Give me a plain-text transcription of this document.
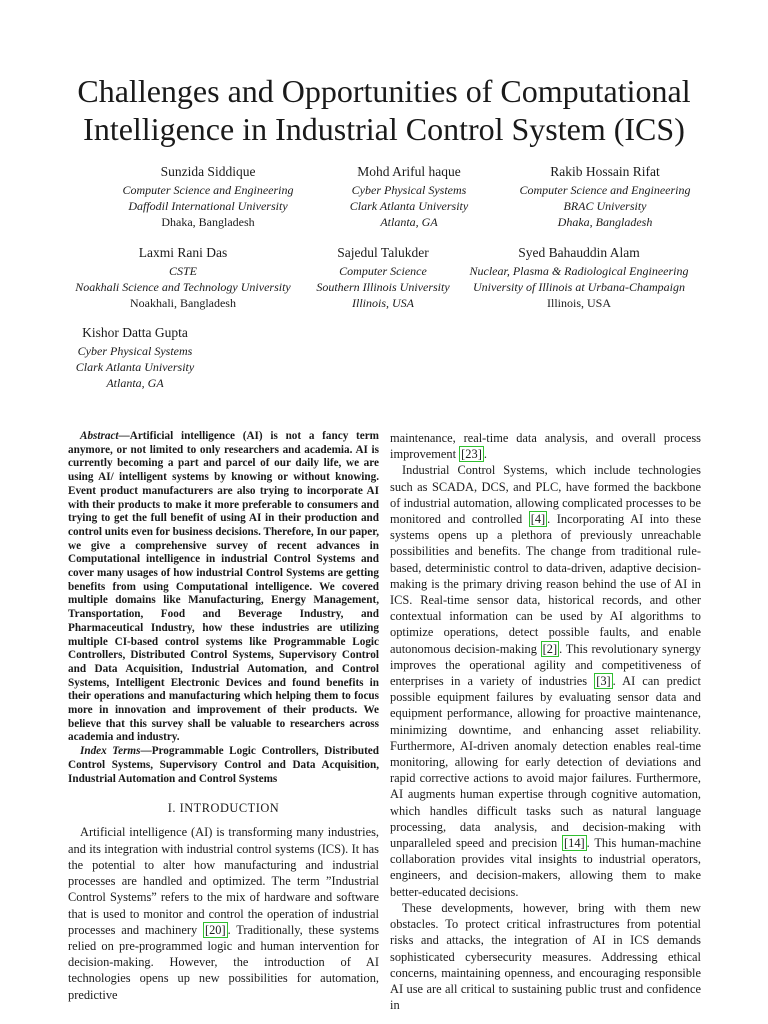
Challenges and Opportunities of Computational Intelligence in Industrial Control System (ICS)
Sunzida Siddique
Computer Science and Engineering
Daffodil International University
Dhaka, Bangladesh
Mohd Ariful haque
Cyber Physical Systems
Clark Atlanta University
Atlanta, GA
Rakib Hossain Rifat
Computer Science and Engineering
BRAC University
Dhaka, Bangladesh
Laxmi Rani Das
CSTE
Noakhali Science and Technology University
Noakhali, Bangladesh
Sajedul Talukder
Computer Science
Southern Illinois University
Illinois, USA
Syed Bahauddin Alam
Nuclear, Plasma & Radiological Engineering
University of Illinois at Urbana-Champaign
Illinois, USA
Kishor Datta Gupta
Cyber Physical Systems
Clark Atlanta University
Atlanta, GA

Abstract—Artificial intelligence (AI) is not a fancy term anymore, or not limited to only researchers and academia. AI is currently becoming a part and parcel of our daily life, we are using AI/ intelligent systems by knowing or without knowing. Event product manufacturers are also trying to incorporate AI with their products to make it more preferable to consumers and trying to get the full benefit of using AI in their production and control units even for business decisions. Therefore, In our paper, we give a comprehensive survey of recent advances in Computational intelligence in industrial Control Systems and cover many usages of how industrial Control Systems are getting benefits from using Computational intelligence. We covered multiple domains like Manufacturing, Energy Management, Transportation, Food and Beverage Industry, and Pharmaceutical Industry, how these industries are utilizing multiple CI-based control systems like Programmable Logic Controllers, Distributed Control Systems, Supervisory Control and Data Acquisition, Industrial Automation, and Control Systems, Intelligent Electronic Devices and found benefits in their operations and manufacturing which helping them to focus more in innovation and improvement of their products. We believe that this survey shall be valuable to researchers across academia and industry.

Index Terms—Programmable Logic Controllers, Distributed Control Systems, Supervisory Control and Data Acquisition, Industrial Automation and Control Systems

I. INTRODUCTION

Artificial intelligence (AI) is transforming many industries, and its integration with industrial control systems (ICS). It has the potential to alter how manufacturing and industrial processes are handled and optimized. The term ”Industrial Control Systems” refers to the mix of hardware and software that is used to monitor and control the operation of industrial processes and machinery [20] . Traditionally, these systems relied on pre-programmed logic and human intervention for decision-making. However, the introduction of AI technologies opens up new possibilities for automation, predictive

maintenance, real-time data analysis, and overall process improvement [23] .

Industrial Control Systems, which include technologies such as SCADA, DCS, and PLC, have formed the backbone of industrial automation, allowing complicated processes to be monitored and controlled [4] . Incorporating AI into these systems opens up a plethora of previously unreachable possibilities and benefits. The change from traditional rule-based, deterministic control to data-driven, adaptive decision-making is the primary driving reason behind the use of AI in ICS. Real-time sensor data, historical records, and other contextual information can be used by AI algorithms to optimize operations, detect possible faults, and enable autonomous decision-making [2] . This revolutionary synergy improves the operational agility and competitiveness of enterprises in a variety of industries [3] . AI can predict possible equipment failures by evaluating sensor data and equipment performance, allowing for proactive maintenance, minimizing downtime, and enhancing asset reliability. Furthermore, AI-driven anomaly detection enables real-time monitoring, allowing for early detection of deviations and rapid corrective actions to avoid major failures. Furthermore, AI augments human expertise through cognitive automation, which handles difficult tasks such as natural language processing, data analysis, and decision-making with unparalleled speed and precision [14] . This human-machine collaboration provides vital insights to industrial operators, engineers, and decision-makers, allowing them to make better-educated decisions.

These developments, however, bring with them new obstacles. To protect critical infrastructures from potential risks and attacks, the integration of AI in ICS demands sophisticated cybersecurity measures. Addressing ethical concerns, maintaining openness, and encouraging responsible AI use are all critical to sustaining public trust and confidence in
